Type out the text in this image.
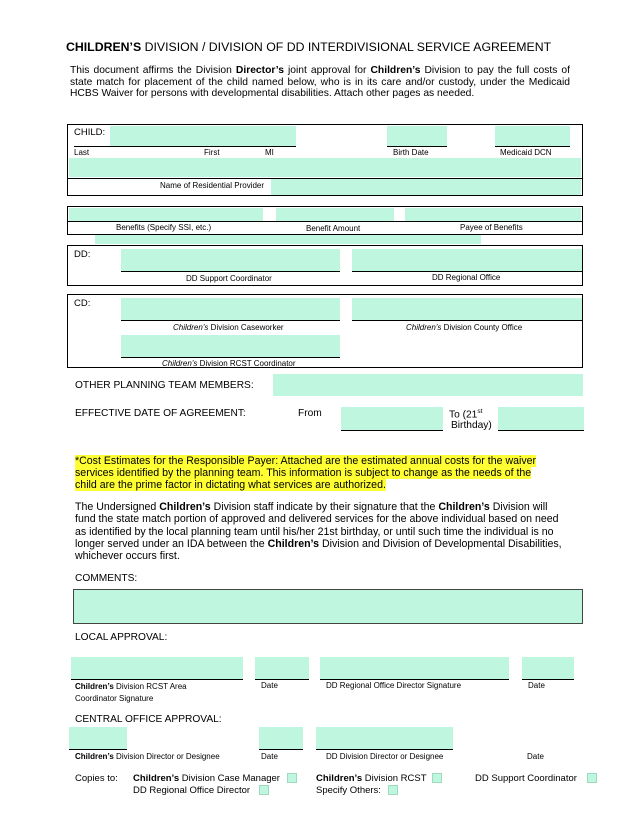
CHILDREN’S DIVISION / DIVISION OF DD INTERDIVISIONAL SERVICE AGREEMENT
This document affirms the Division Director’s joint approval for Children’s Division to pay the full costs of state match for placement of the child named below, who is in its care and/or custody, under the Medicaid HCBS Waiver for persons with developmental disabilities. Attach other pages as needed.
CHILD:
Last	First	MI	Birth Date	Medicaid DCN
Name of Residential Provider
Benefits (Specify SSI, etc.)	Benefit Amount	Payee of Benefits
DD:
DD Support Coordinator	DD Regional Office
CD:
Children’s Division Caseworker	Children’s Division County Office
Children’s Division RCST Coordinator
OTHER PLANNING TEAM MEMBERS:
EFFECTIVE DATE OF AGREEMENT:	From	To (21st
Birthday)
*Cost Estimates for the Responsible Payer: Attached are the estimated annual costs for the waiver services identified by the planning team. This information is subject to change as the needs of the child are the prime factor in dictating what services are authorized.
The Undersigned Children’s Division staff indicate by their signature that the Children’s Division will fund the state match portion of approved and delivered services for the above individual based on need as identified by the local planning team until his/her 21st birthday, or until such time the individual is no longer served under an IDA between the Children’s Division and Division of Developmental Disabilities, whichever occurs first.
COMMENTS:
LOCAL APPROVAL:
Children’s Division RCST Area
Coordinator Signature
Date	DD Regional Office Director Signature	Date
CENTRAL OFFICE APPROVAL:
Children’s Division Director or Designee	Date	DD Division Director or Designee	Date
Copies to: Children’s Division Case Manager	Children’s Division RCST	DD Support Coordinator
DD Regional Office Director	Specify Others:
